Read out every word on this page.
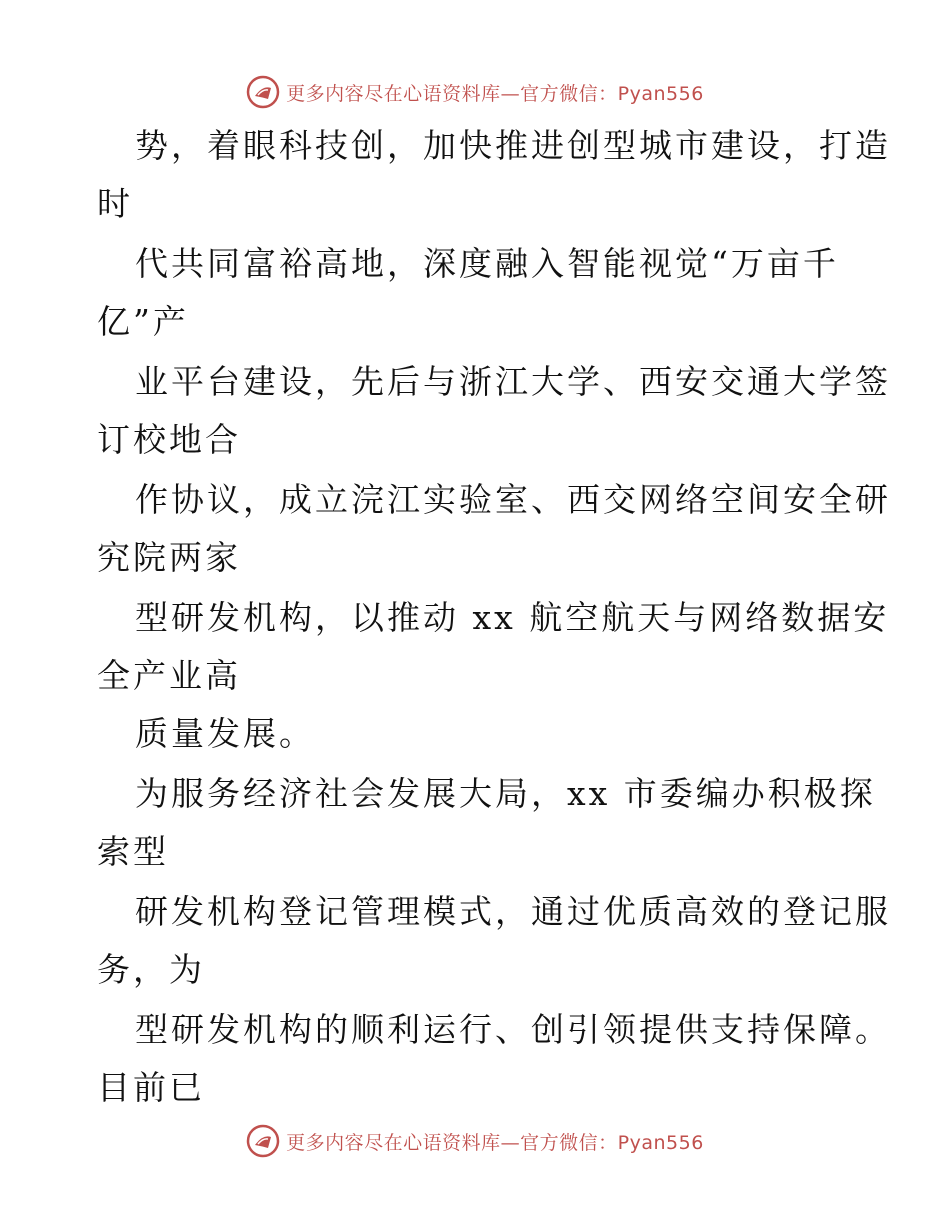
更多内容尽在心语资料库—官方微信：Pyan556
势，着眼科技创，加快推进创型城市建设，打造
时
代共同富裕高地，深度融入智能视觉“万亩千
亿”产
业平台建设，先后与浙江大学、西安交通大学签
订校地合
作协议，成立浣江实验室、西交网络空间安全研
究院两家
型研发机构，以推动 xx 航空航天与网络数据安
全产业高
质量发展。
为服务经济社会发展大局，xx 市委编办积极探
索型
研发机构登记管理模式，通过优质高效的登记服
务，为
型研发机构的顺利运行、创引领提供支持保障。
目前已
更多内容尽在心语资料库—官方微信：Pyan556
